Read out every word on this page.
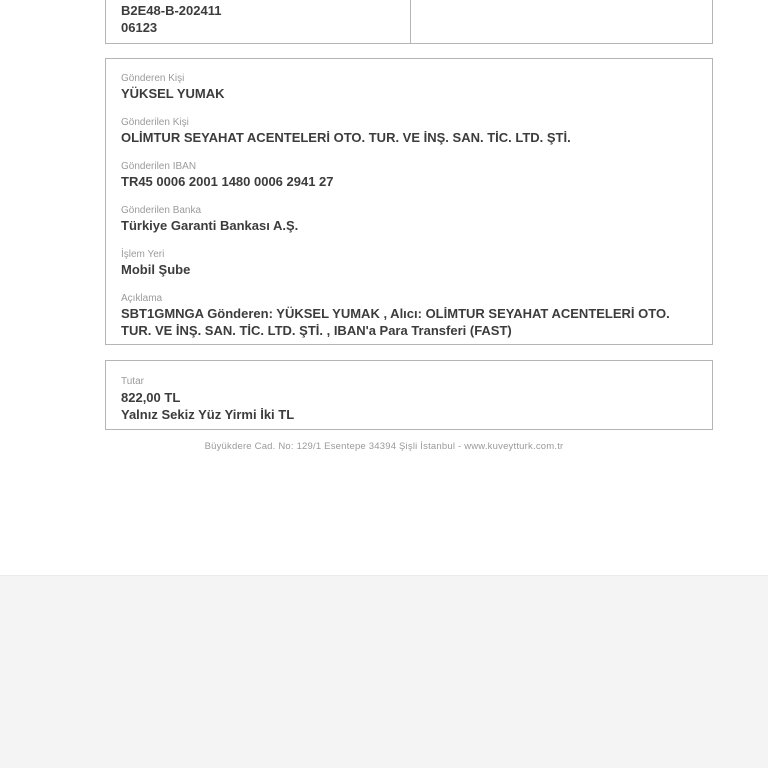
B2E48-B-202411
06123
Gönderen Kişi
YÜKSEL YUMAK
Gönderilen Kişi
OLİMTUR SEYAHAT ACENTELERİ OTO. TUR. VE İNŞ. SAN. TİC. LTD. ŞTİ.
Gönderilen IBAN
TR45 0006 2001 1480 0006 2941 27
Gönderilen Banka
Türkiye Garanti Bankası A.Ş.
İşlem Yeri
Mobil Şube
Açıklama
SBT1GMNGA Gönderen: YÜKSEL YUMAK , Alıcı: OLİMTUR SEYAHAT ACENTELERİ OTO. TUR. VE İNŞ. SAN. TİC. LTD. ŞTİ. , IBAN'a Para Transferi (FAST)
Tutar
822,00 TL
Yalnız Sekiz Yüz Yirmi İki TL
Büyükdere Cad. No: 129/1 Esentepe 34394 Şişli İstanbul - www.kuveytturk.com.tr
